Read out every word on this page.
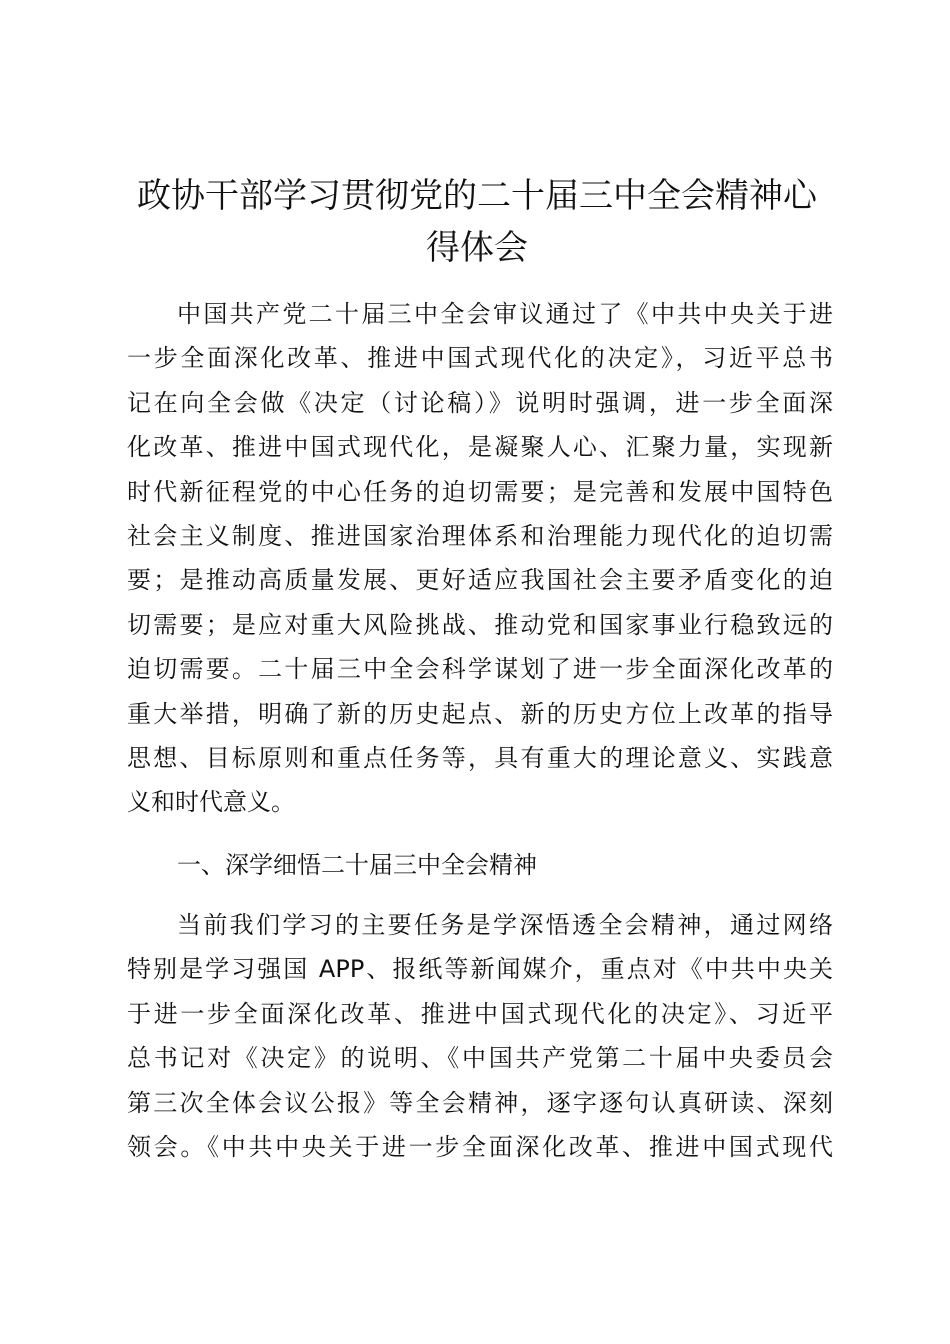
政协干部学习贯彻党的二十届三中全会精神心
得体会
中国共产党二十届三中全会审议通过了《中共中央关于进
一步全面深化改革、推进中国式现代化的决定》，习近平总书
记在向全会做《决定（讨论稿）》说明时强调，进一步全面深
化改革、推进中国式现代化，是凝聚人心、汇聚力量，实现新
时代新征程党的中心任务的迫切需要；是完善和发展中国特色
社会主义制度、推进国家治理体系和治理能力现代化的迫切需
要；是推动高质量发展、更好适应我国社会主要矛盾变化的迫
切需要；是应对重大风险挑战、推动党和国家事业行稳致远的
迫切需要。二十届三中全会科学谋划了进一步全面深化改革的
重大举措，明确了新的历史起点、新的历史方位上改革的指导
思想、目标原则和重点任务等，具有重大的理论意义、实践意
义和时代意义。
一、深学细悟二十届三中全会精神
当前我们学习的主要任务是学深悟透全会精神，通过网络
特别是学习强国 APP、报纸等新闻媒介，重点对《中共中央关
于进一步全面深化改革、推进中国式现代化的决定》、习近平
总书记对《决定》的说明、《中国共产党第二十届中央委员会
第三次全体会议公报》等全会精神，逐字逐句认真研读、深刻
领会。《中共中央关于进一步全面深化改革、推进中国式现代
